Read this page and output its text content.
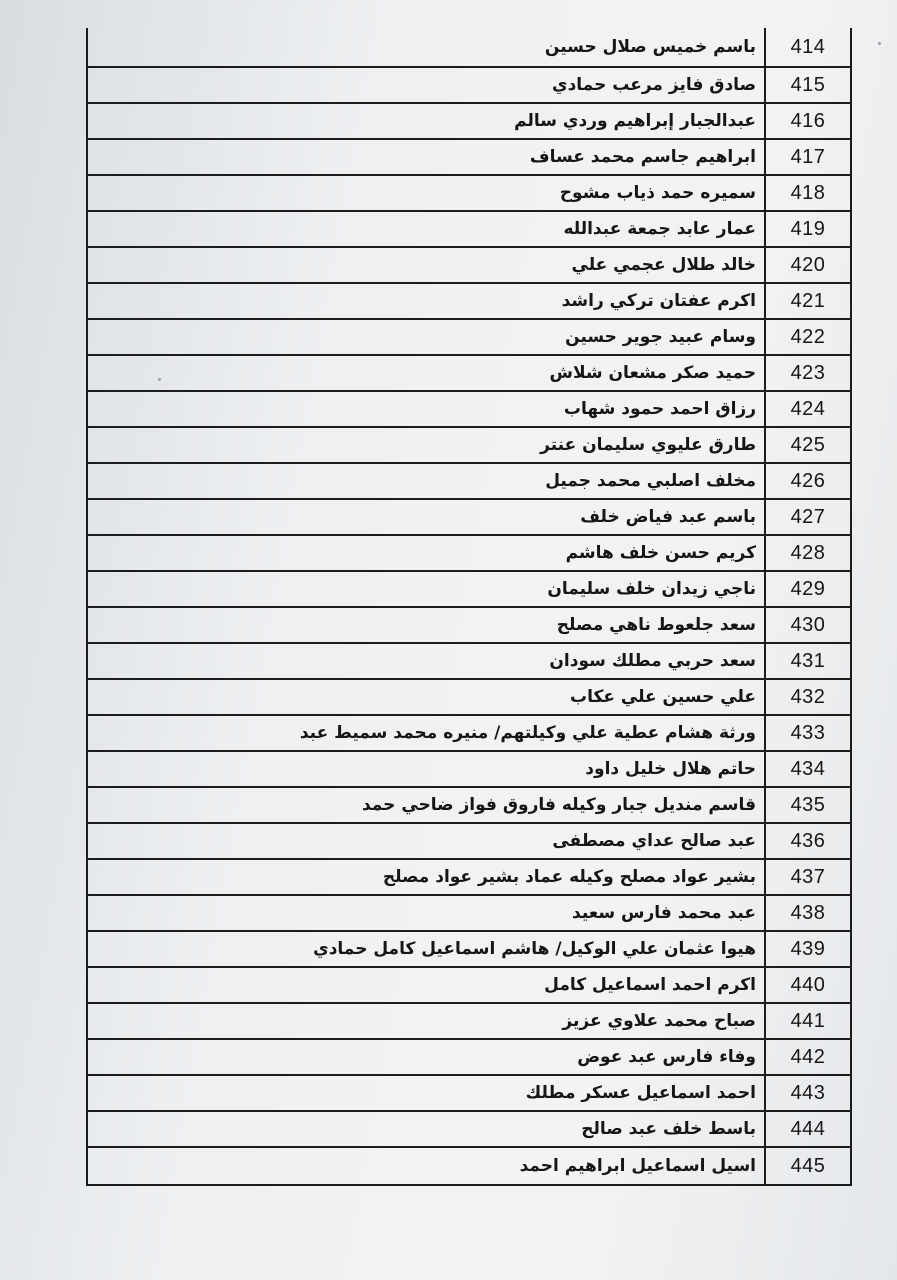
414	باسم خميس صلال حسين
415	صادق فايز مرعب حمادي
416	عبدالجبار إبراهيم وردي سالم
417	ابراهيم جاسم محمد عساف
418	سميره حمد ذياب مشوح
419	عمار عابد جمعة عبدالله
420	خالد طلال عجمي علي
421	اكرم عفتان تركي راشد
422	وسام عبيد جوير حسين
423	حميد صكر مشعان شلاش
424	رزاق احمد حمود شهاب
425	طارق عليوي سليمان عنتر
426	مخلف اصلبي محمد جميل
427	باسم عبد فياض خلف
428	كريم حسن خلف هاشم
429	ناجي زيدان خلف سليمان
430	سعد جلعوط ناهي مصلح
431	سعد حربي مطلك سودان
432	علي حسين علي عكاب
433	ورثة هشام عطية علي وكيلتهم/ منيره محمد سميط عبد
434	حاتم هلال خليل داود
435	قاسم منديل جبار وكيله فاروق فواز ضاحي حمد
436	عبد صالح عداي مصطفى
437	بشير عواد مصلح وكيله عماد بشير عواد مصلح
438	عبد محمد فارس سعيد
439	هيوا عثمان علي الوكيل/ هاشم اسماعيل كامل حمادي
440	اكرم احمد اسماعيل كامل
441	صباح محمد علاوي عزيز
442	وفاء فارس عبد عوض
443	احمد اسماعيل عسكر مطلك
444	باسط خلف عبد صالح
445	اسيل اسماعيل ابراهيم احمد
